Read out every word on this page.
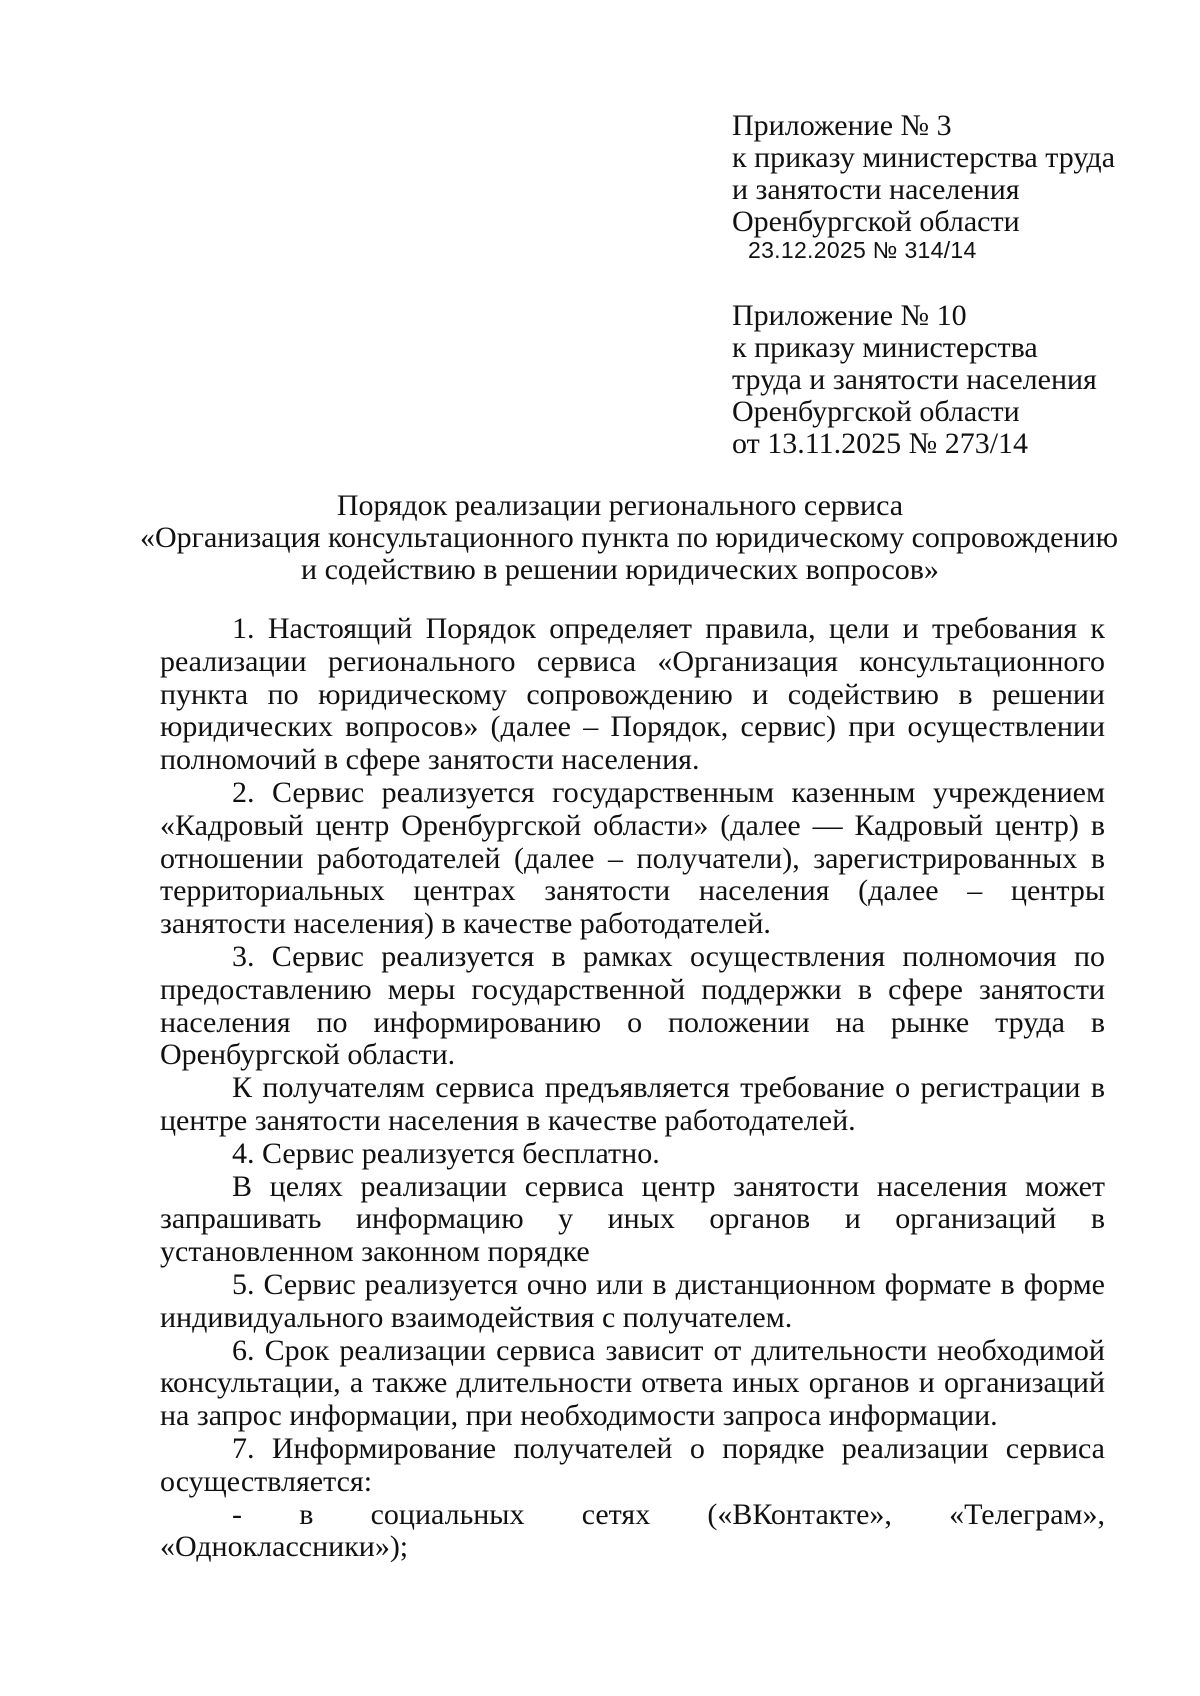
Приложение № 3
к приказу министерства труда
и занятости населения
Оренбургской области
23.12.2025 № 314/14
Приложение № 10
к приказу министерства
труда и занятости населения
Оренбургской области
от 13.11.2025 № 273/14
Порядок реализации регионального сервиса
«Организация консультационного пункта по юридическому сопровождению
и содействию в решении юридических вопросов»

1. Настоящий Порядок определяет правила, цели и требования к реализации регионального сервиса «Организация консультационного пункта по юридическому сопровождению и содействию в решении юридических вопросов» (далее – Порядок, сервис) при осуществлении полномочий в сфере занятости населения.

2. Сервис реализуется государственным казенным учреждением «Кадровый центр Оренбургской области» (далее — Кадровый центр) в отношении работодателей (далее – получатели), зарегистрированных в территориальных центрах занятости населения (далее – центры занятости населения) в качестве работодателей.

3. Сервис реализуется в рамках осуществления полномочия по предоставлению меры государственной поддержки в сфере занятости населения по информированию о положении на рынке труда в Оренбургской области.

К получателям сервиса предъявляется требование о регистрации в центре занятости населения в качестве работодателей.

4. Сервис реализуется бесплатно.

В целях реализации сервиса центр занятости населения может запрашивать информацию у иных органов и организаций в установленном законном порядке

5. Сервис реализуется очно или в дистанционном формате в форме индивидуального взаимодействия с получателем.

6. Срок реализации сервиса зависит от длительности необходимой консультации, а также длительности ответа иных органов и организаций на запрос информации, при необходимости запроса информации.

7. Информирование получателей о порядке реализации сервиса осуществляется:

- в социальных сетях («ВКонтакте», «Телеграм», «Одноклассники»);
